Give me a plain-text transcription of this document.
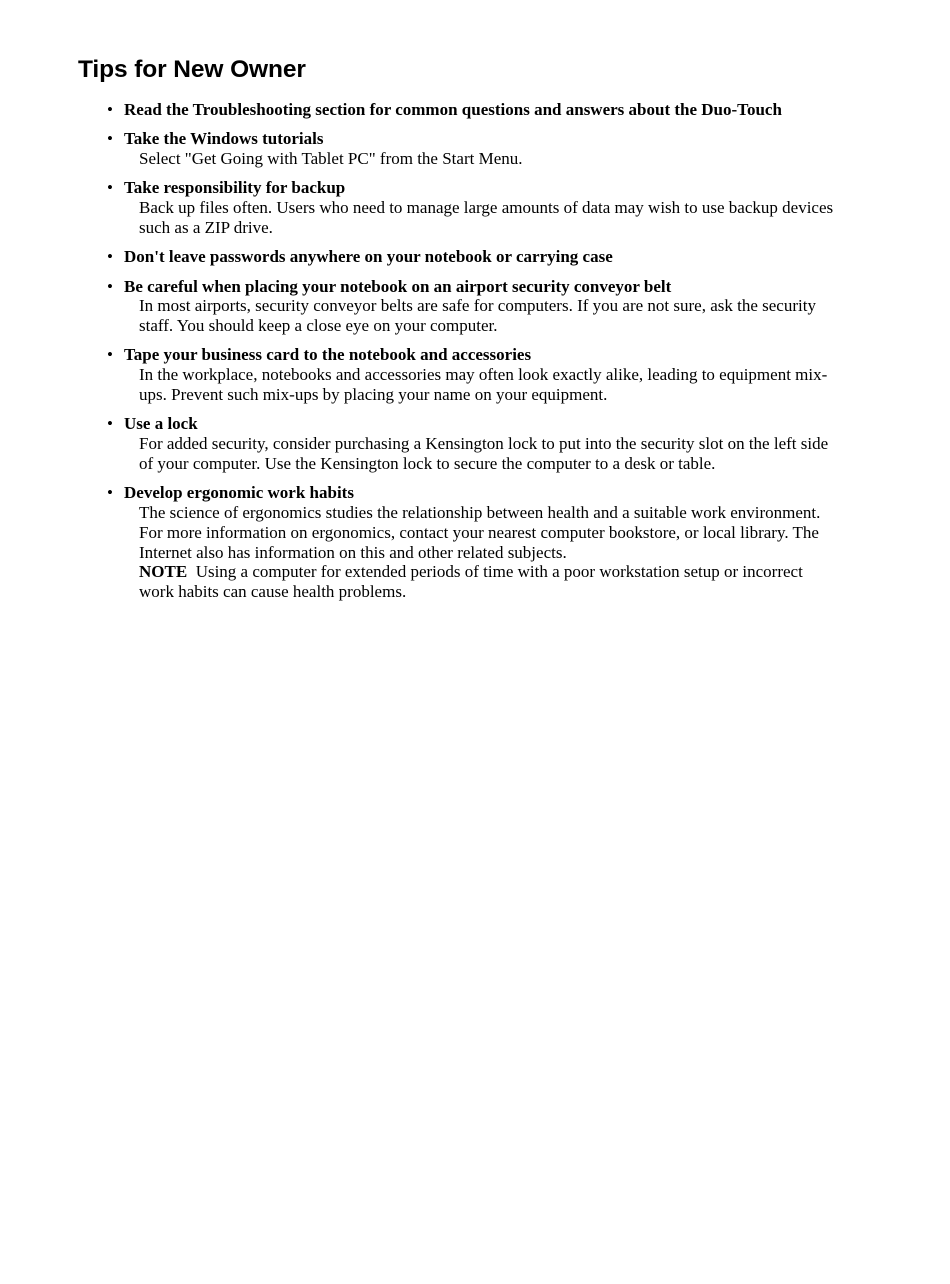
Tips for New Owner
• Read the Troubleshooting section for common questions and answers about the Duo-Touch
• Take the Windows tutorials
Select "Get Going with Tablet PC" from the Start Menu.
• Take responsibility for backup
Back up files often. Users who need to manage large amounts of data may wish to use backup devices such as a ZIP drive.
• Don't leave passwords anywhere on your notebook or carrying case
• Be careful when placing your notebook on an airport security conveyor belt
In most airports, security conveyor belts are safe for computers. If you are not sure, ask the security staff. You should keep a close eye on your computer.
• Tape your business card to the notebook and accessories
In the workplace, notebooks and accessories may often look exactly alike, leading to equipment mix-ups. Prevent such mix-ups by placing your name on your equipment.
• Use a lock
For added security, consider purchasing a Kensington lock to put into the security slot on the left side of your computer. Use the Kensington lock to secure the computer to a desk or table.
• Develop ergonomic work habits
The science of ergonomics studies the relationship between health and a suitable work environment. For more information on ergonomics, contact your nearest computer bookstore, or local library. The Internet also has information on this and other related subjects.
NOTE Using a computer for extended periods of time with a poor workstation setup or incorrect work habits can cause health problems.
